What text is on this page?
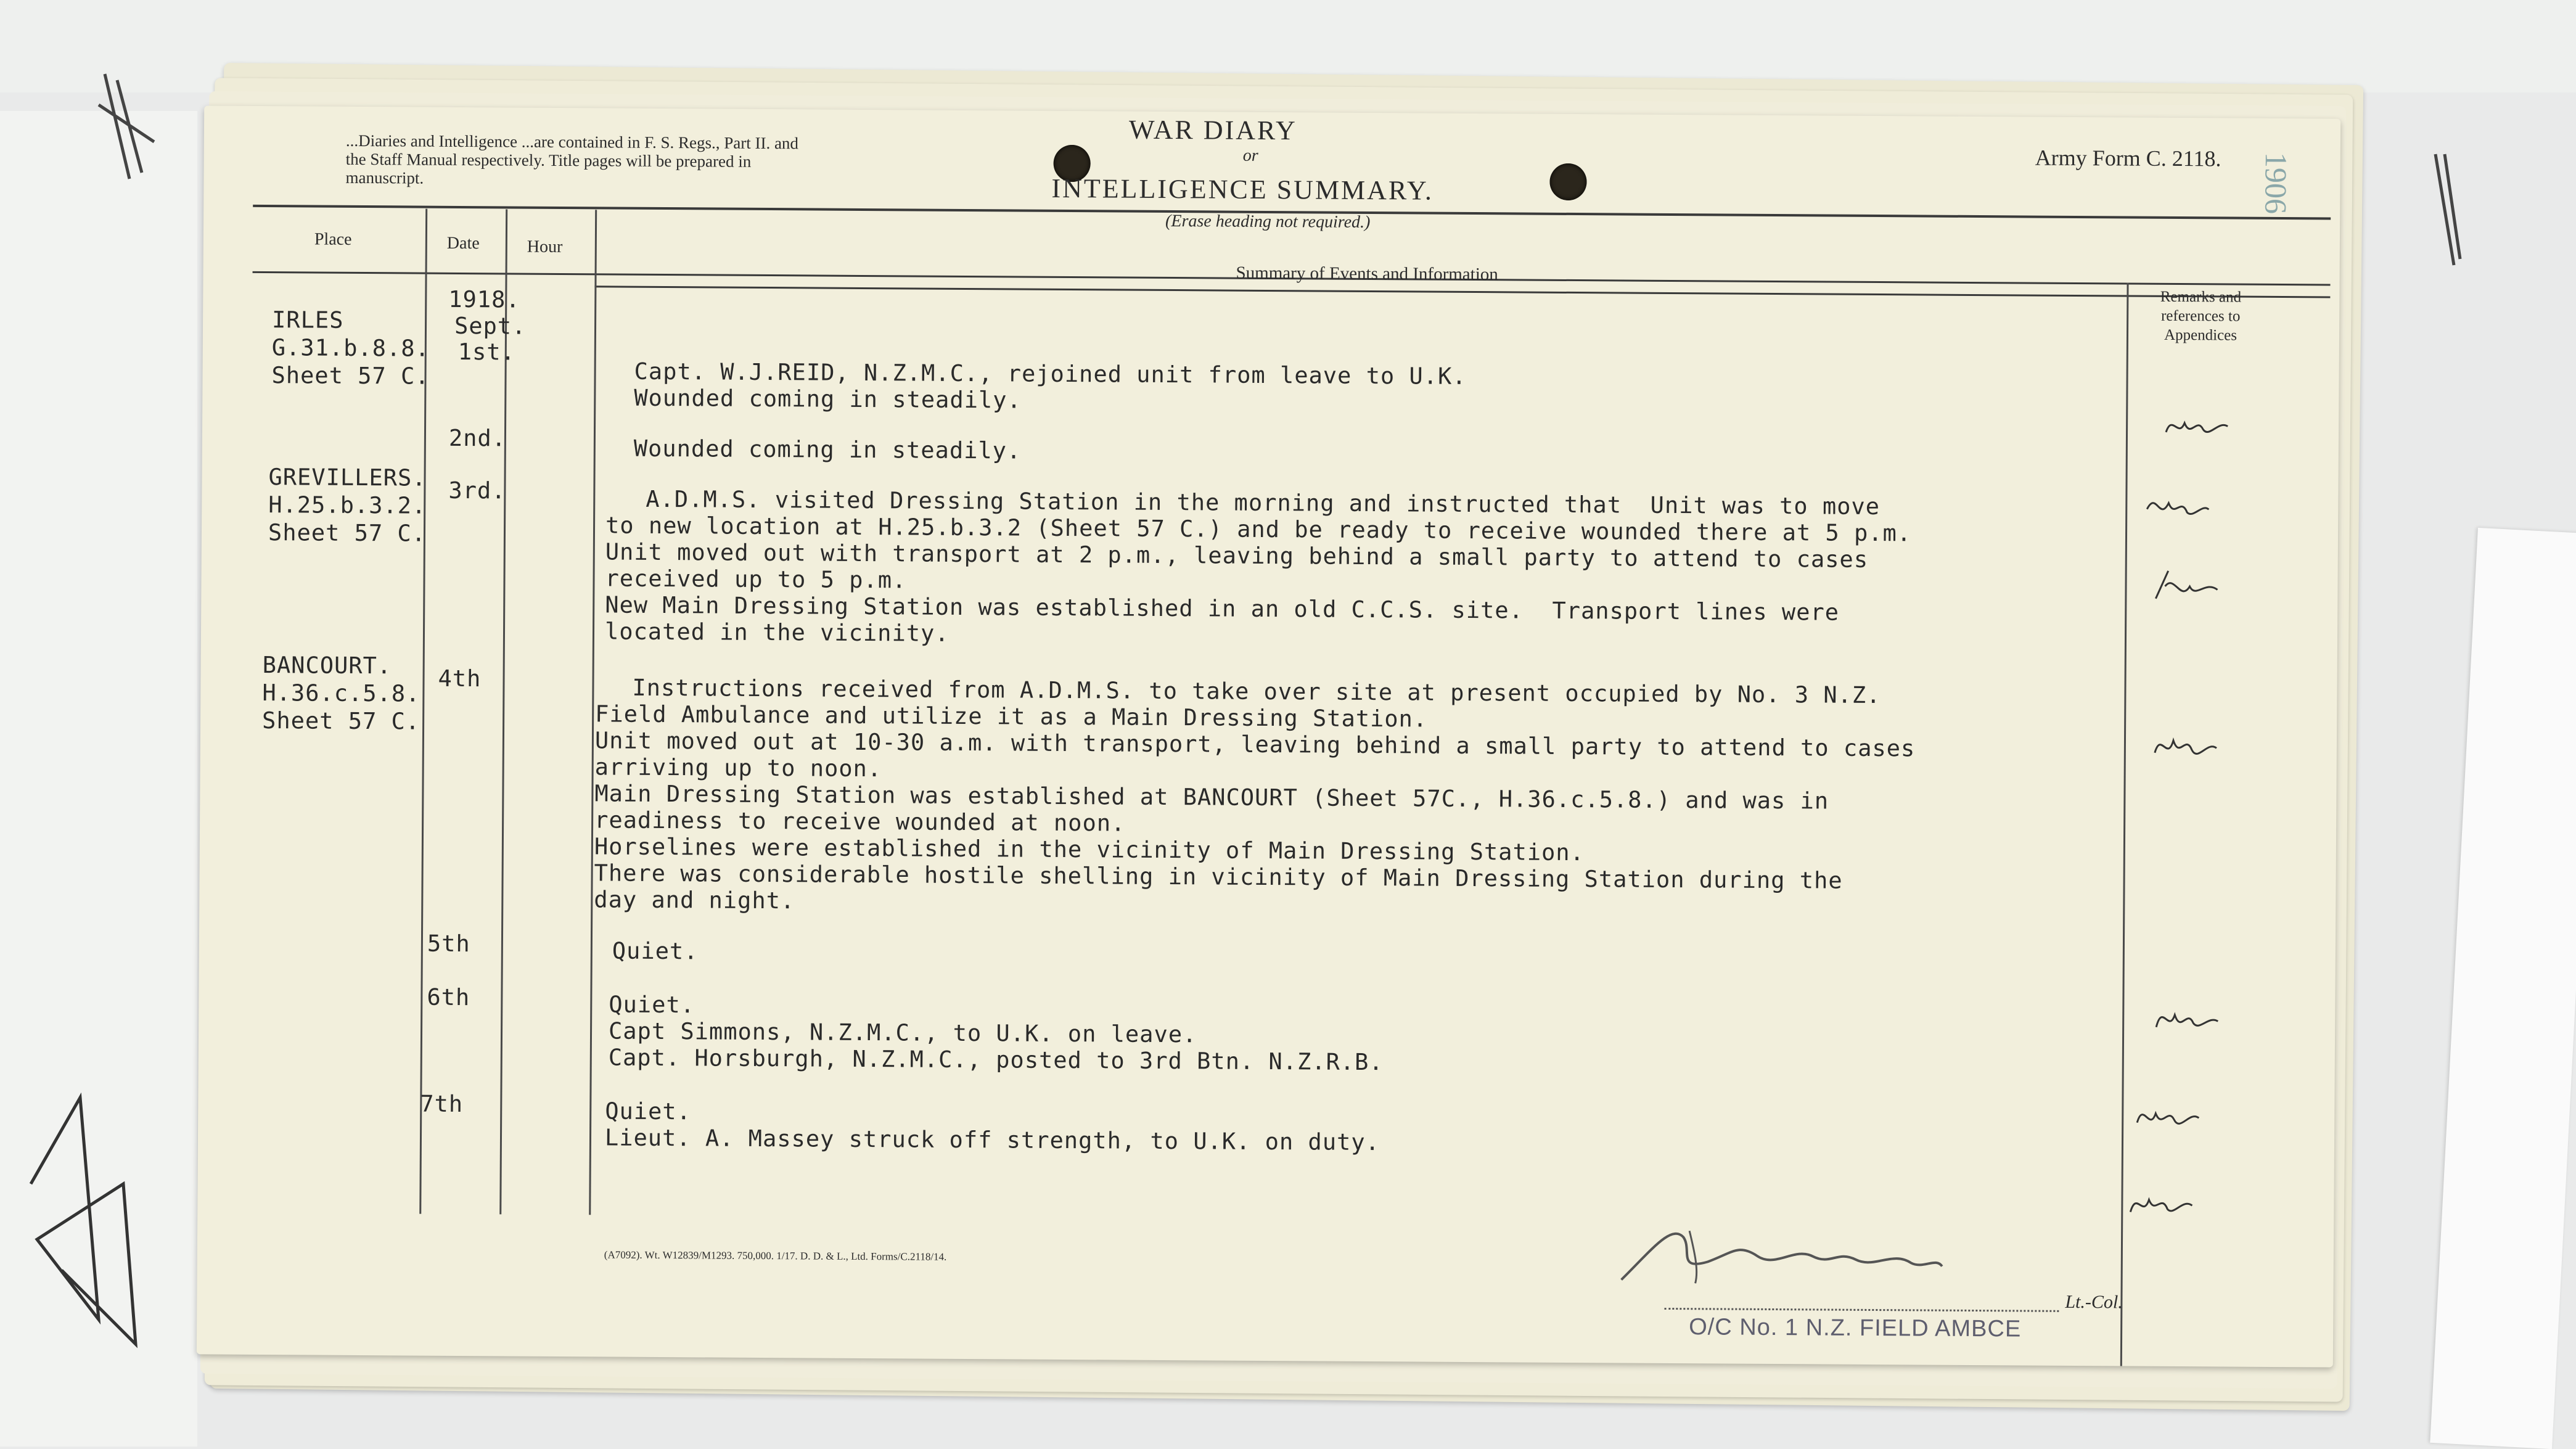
...Diaries and Intelligence ...are contained in F. S. Regs., Part II. and the Staff Manual respectively. Title pages will be prepared in manuscript.
WAR DIARY
or
INTELLIGENCE SUMMARY.
(Erase heading not required.)
Army Form C. 2118. 1906
Place	Date	Hour
Summary of Events and Information
Remarks and
references to
Appendices
IRLES
G.31.b.8.8.
Sheet 57 C.
GREVILLERS.
H.25.b.3.2.
Sheet 57 C.
BANCOURT.
H.36.c.5.8.
Sheet 57 C.
1918.
Sept.
1st.
2nd.
3rd.
4th
5th
6th
7th
Capt. W.J.REID, N.Z.M.C., rejoined unit from leave to U.K.
Wounded coming in steadily.
Wounded coming in steadily.
A.D.M.S. visited Dressing Station in the morning and instructed that  Unit was to move
to new location at H.25.b.3.2 (Sheet 57 C.) and be ready to receive wounded there at 5 p.m.
Unit moved out with transport at 2 p.m., leaving behind a small party to attend to cases
received up to 5 p.m.
New Main Dressing Station was established in an old C.C.S. site.  Transport lines were
located in the vicinity.
Instructions received from A.D.M.S. to take over site at present occupied by No. 3 N.Z.
Field Ambulance and utilize it as a Main Dressing Station.
Unit moved out at 10-30 a.m. with transport, leaving behind a small party to attend to cases
arriving up to noon.
Main Dressing Station was established at BANCOURT (Sheet 57C., H.36.c.5.8.) and was in
readiness to receive wounded at noon.
Horselines were established in the vicinity of Main Dressing Station.
There was considerable hostile shelling in vicinity of Main Dressing Station during the
day and night.
Quiet.
Quiet.
Capt Simmons, N.Z.M.C., to U.K. on leave.
Capt. Horsburgh, N.Z.M.C., posted to 3rd Btn. N.Z.R.B.
Quiet.
Lieut. A. Massey struck off strength, to U.K. on duty.
(A7092). Wt. W12839/M1293. 750,000. 1/17. D. D. & L., Ltd. Forms/C.2118/14.
Lt.-Col.
O/C No. 1 N.Z. FIELD AMBCE
